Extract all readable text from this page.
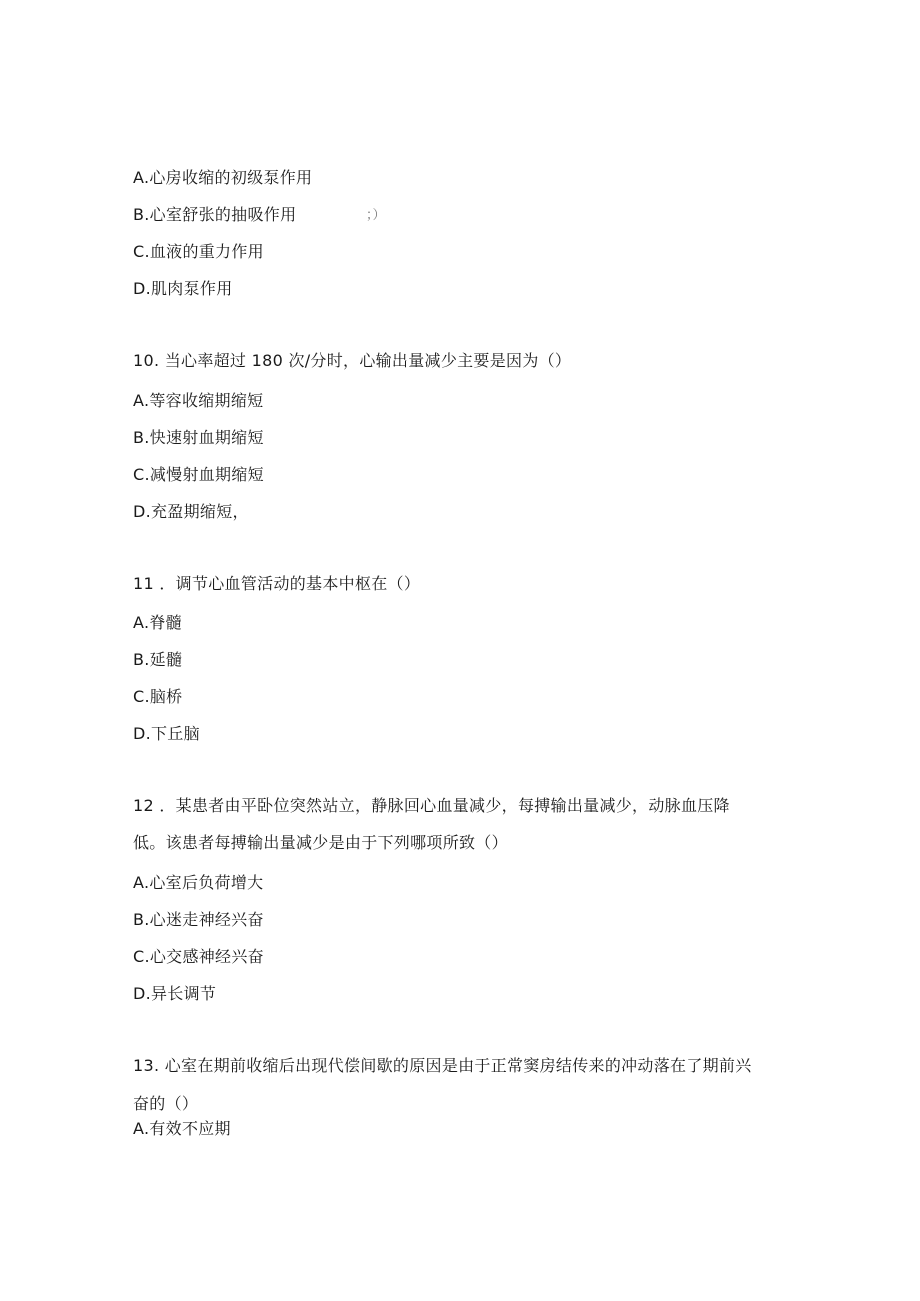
A.心房收缩的初级泵作用
B.心室舒张的抽吸作用	；）
C.血液的重力作用
D.肌肉泵作用
10. 当心率超过 180 次/分时，心输出量减少主要是因为（）
A.等容收缩期缩短
B.快速射血期缩短
C.减慢射血期缩短
D.充盈期缩短，
11 ．调节心血管活动的基本中枢在（）
A.脊髓
B.延髓
C.脑桥
D.下丘脑
12 ．某患者由平卧位突然站立，静脉回心血量减少，每搏输出量减少，动脉血压降
低。该患者每搏输出量减少是由于下列哪项所致（）
A.心室后负荷增大
B.心迷走神经兴奋
C.心交感神经兴奋
D.异长调节
13. 心室在期前收缩后出现代偿间歇的原因是由于正常窦房结传来的冲动落在了期前兴
奋的（）
A.有效不应期
